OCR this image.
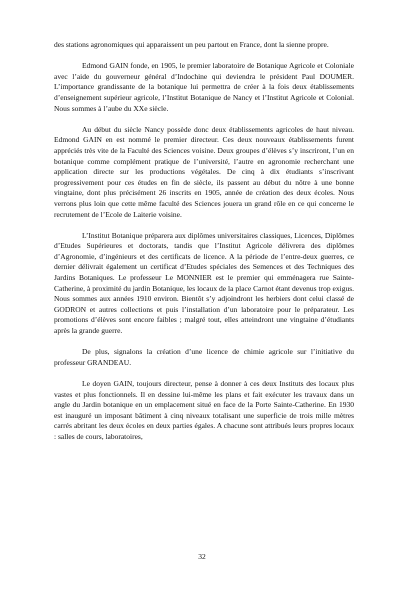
des stations agronomiques qui apparaissent un peu partout en France, dont la sienne propre.

Edmond GAIN fonde, en 1905, le premier laboratoire de Botanique Agricole et Coloniale avec l’aide du gouverneur général d’Indochine qui deviendra le président Paul DOUMER. L’importance grandissante de la botanique lui permettra de créer à la fois deux établissements d’enseignement supérieur agricole, l’Institut Botanique de Nancy et l’Institut Agricole et Colonial. Nous sommes à l’aube du XXe siècle.

Au début du siècle Nancy possède donc deux établissements agricoles de haut niveau. Edmond GAIN en est nommé le premier directeur. Ces deux nouveaux établissements furent appréciés très vite de la Faculté des Sciences voisine. Deux groupes d’élèves s’y inscriront, l’un en botanique comme complément pratique de l’université, l’autre en agronomie recherchant une application directe sur les productions végétales. De cinq à dix étudiants s’inscrivant progressivement pour ces études en fin de siècle, ils passent au début du nôtre à une bonne vingtaine, dont plus précisément 26 inscrits en 1905, année de création des deux écoles. Nous verrons plus loin que cette même faculté des Sciences jouera un grand rôle en ce qui concerne le recrutement de l’Ecole de Laiterie voisine.

L’Institut Botanique préparera aux diplômes universitaires classiques, Licences, Diplômes d’Etudes Supérieures et doctorats, tandis que l’Institut Agricole délivrera des diplômes d’Agronomie, d’ingénieurs et des certificats de licence. A la période de l’entre-deux guerres, ce dernier délivrait également un certificat d’Etudes spéciales des Semences et des Techniques des Jardins Botaniques. Le professeur Le MONNIER est le premier qui emménagera rue Sainte-Catherine, à proximité du jardin Botanique, les locaux de la place Carnot étant devenus trop exigus. Nous sommes aux années 1910 environ. Bientôt s’y adjoindront les herbiers dont celui classé de GODRON et autres collections et puis l’installation d’un laboratoire pour le préparateur. Les promotions d’élèves sont encore faibles ; malgré tout, elles atteindront une vingtaine d’étudiants après la grande guerre.

De plus, signalons la création d’une licence de chimie agricole sur l’initiative du professeur GRANDEAU.

Le doyen GAIN, toujours directeur, pense à donner à ces deux Instituts des locaux plus vastes et plus fonctionnels. Il en dessine lui-même les plans et fait exécuter les travaux dans un angle du Jardin botanique en un emplacement situé en face de la Porte Sainte-Catherine. En 1930 est inauguré un imposant bâtiment à cinq niveaux totalisant une superficie de trois mille mètres carrés abritant les deux écoles en deux parties égales. A chacune sont attribués leurs propres locaux : salles de cours, laboratoires,

32
